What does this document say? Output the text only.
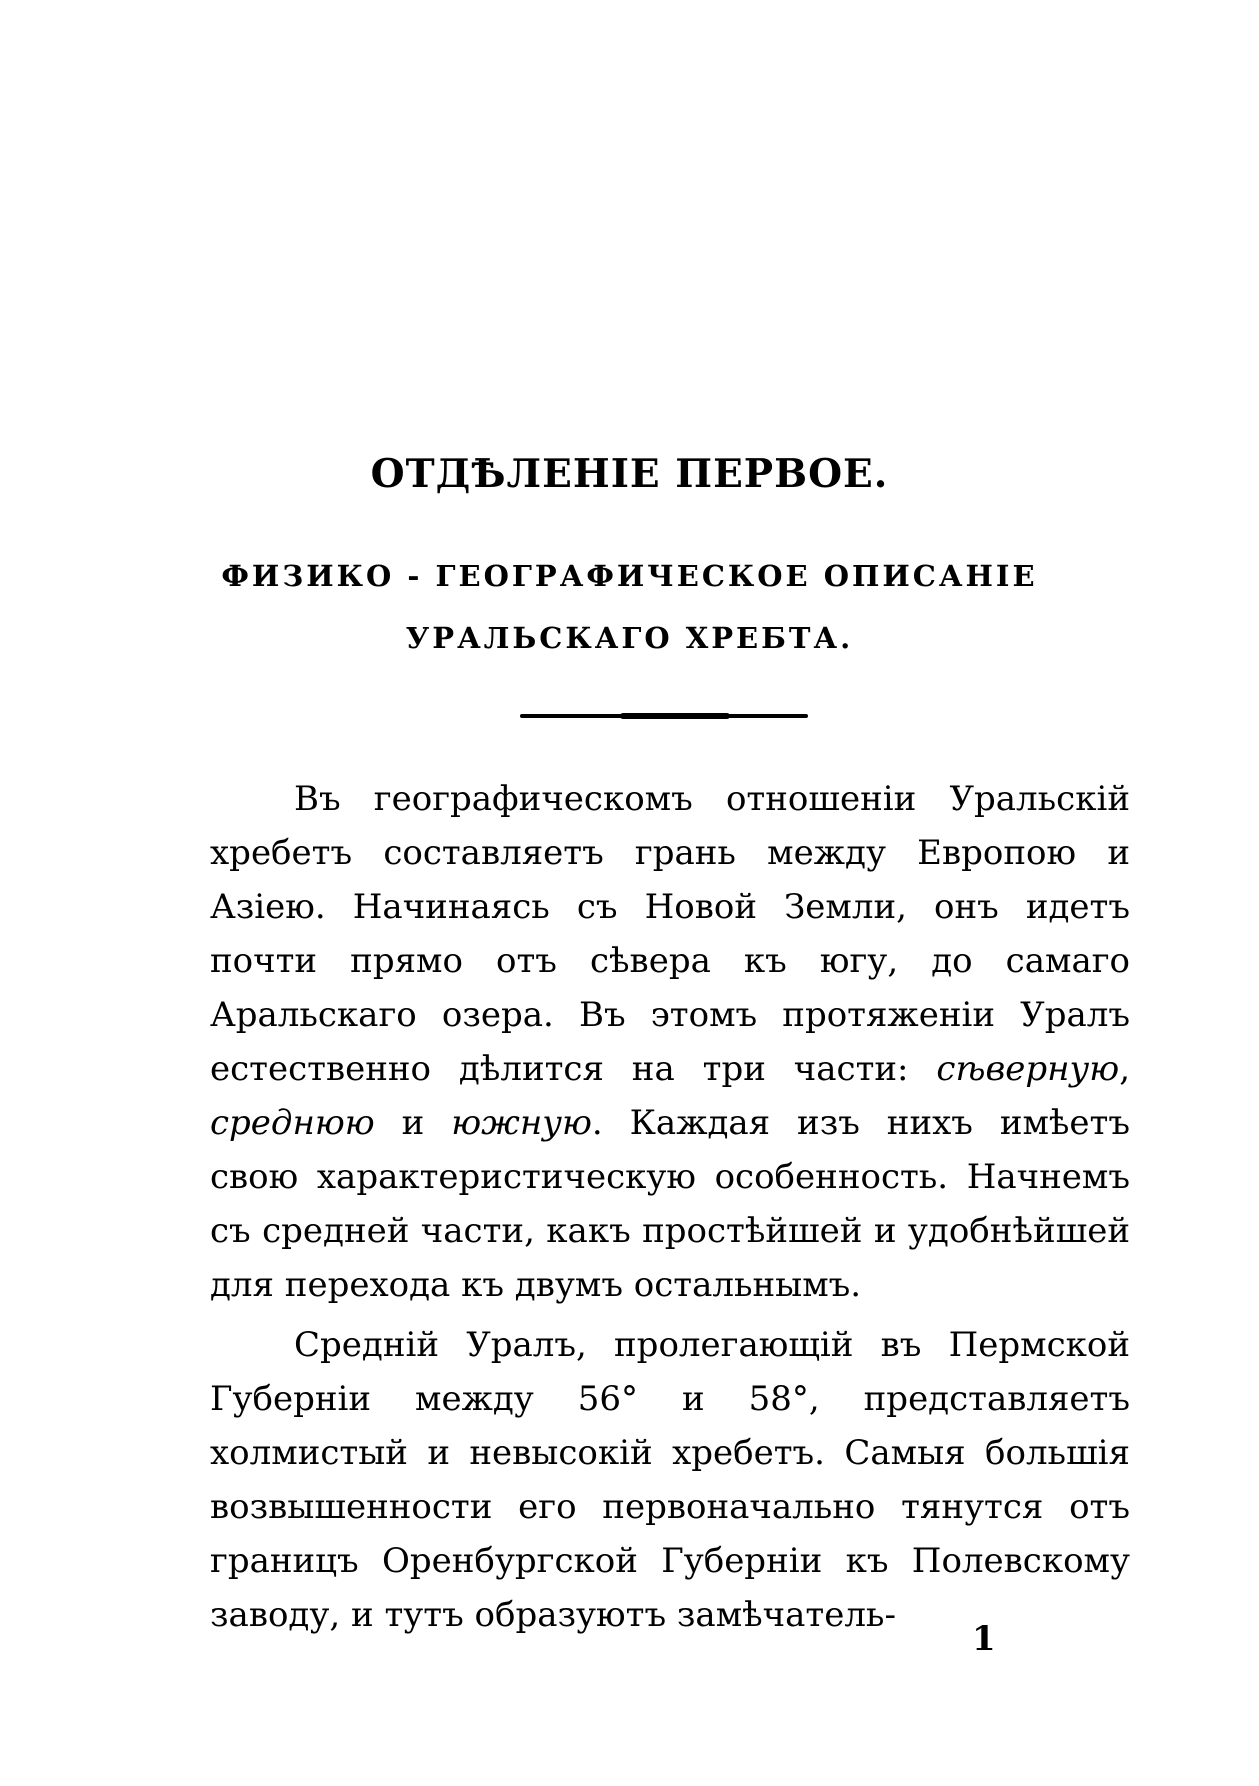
ОТДѢЛЕНІЕ ПЕРВОЕ.
ФИЗИКО - ГЕОГРАФИЧЕСКОЕ ОПИСАНІЕ
УРАЛЬСКАГО ХРЕБТА.

Въ географическомъ отношеніи Уральскій хребетъ составляетъ грань между Европою и Азіею. Начинаясь съ Новой Земли, онъ идетъ почти прямо отъ сѣвера къ югу, до самаго Аральскаго озера. Въ этомъ протяженіи Уралъ естественно дѣлится на три части: сѣверную, среднюю и южную. Каждая изъ нихъ имѣетъ свою характеристическую особенность. Начнемъ съ средней части, какъ простѣйшей и удобнѣйшей для перехода къ двумъ остальнымъ.

Средній Уралъ, пролегающій въ Пермской Губерніи между 56° и 58°, представляетъ холмистый и невысокій хребетъ. Самыя большія возвышенности его первоначально тянутся отъ границъ Оренбургской Губерніи къ Полевскому заводу, и тутъ образуютъ замѣчатель-

1
